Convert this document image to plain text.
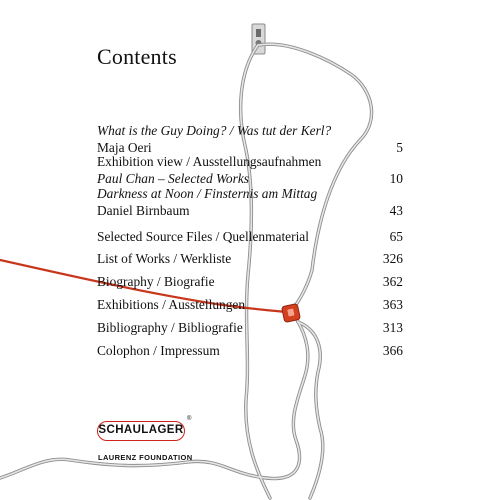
Contents
What is the Guy Doing? / Was tut der Kerl?
Maja Oeri	5
Exhibition view / Ausstellungsaufnahmen
Paul Chan – Selected Works	10
Darkness at Noon / Finsternis am Mittag
Daniel Birnbaum	43
Selected Source Files / Quellenmaterial	65
List of Works / Werkliste	326
Biography / Biografie	362
Exhibitions / Ausstellungen	363
Bibliography / Bibliografie	313
Colophon / Impressum	366
SCHAULAGER
®
LAURENZ FOUNDATION
